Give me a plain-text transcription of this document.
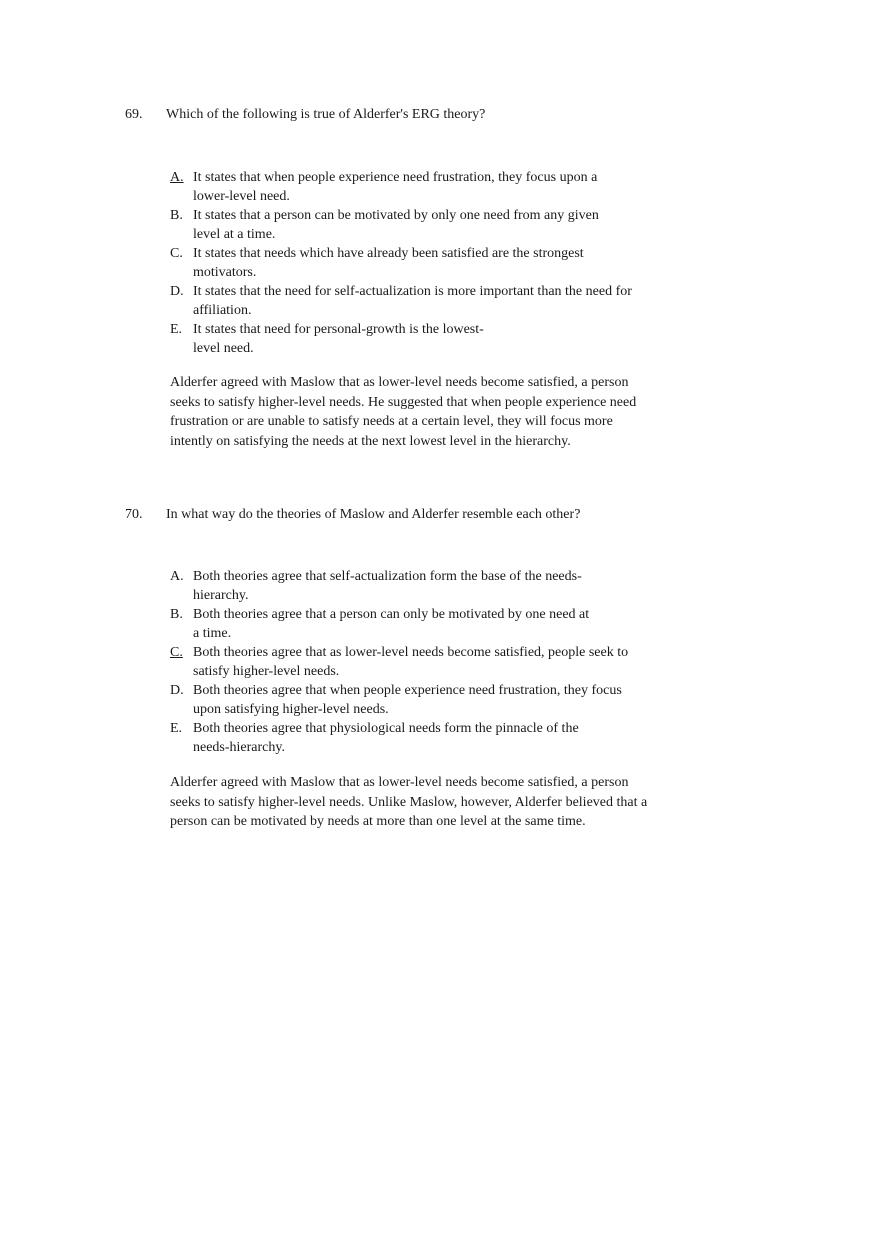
69. Which of the following is true of Alderfer's ERG theory?
A. It states that when people experience need frustration, they focus upon a lower-level need.
B. It states that a person can be motivated by only one need from any given level at a time.
C. It states that needs which have already been satisfied are the strongest motivators.
D. It states that the need for self-actualization is more important than the need for affiliation.
E. It states that need for personal-growth is the lowest-level need.
Alderfer agreed with Maslow that as lower-level needs become satisfied, a person seeks to satisfy higher-level needs. He suggested that when people experience need frustration or are unable to satisfy needs at a certain level, they will focus more intently on satisfying the needs at the next lowest level in the hierarchy.
70. In what way do the theories of Maslow and Alderfer resemble each other?
A. Both theories agree that self-actualization form the base of the needs-hierarchy.
B. Both theories agree that a person can only be motivated by one need at a time.
C. Both theories agree that as lower-level needs become satisfied, people seek to satisfy higher-level needs.
D. Both theories agree that when people experience need frustration, they focus upon satisfying higher-level needs.
E. Both theories agree that physiological needs form the pinnacle of the needs-hierarchy.
Alderfer agreed with Maslow that as lower-level needs become satisfied, a person seeks to satisfy higher-level needs. Unlike Maslow, however, Alderfer believed that a person can be motivated by needs at more than one level at the same time.
